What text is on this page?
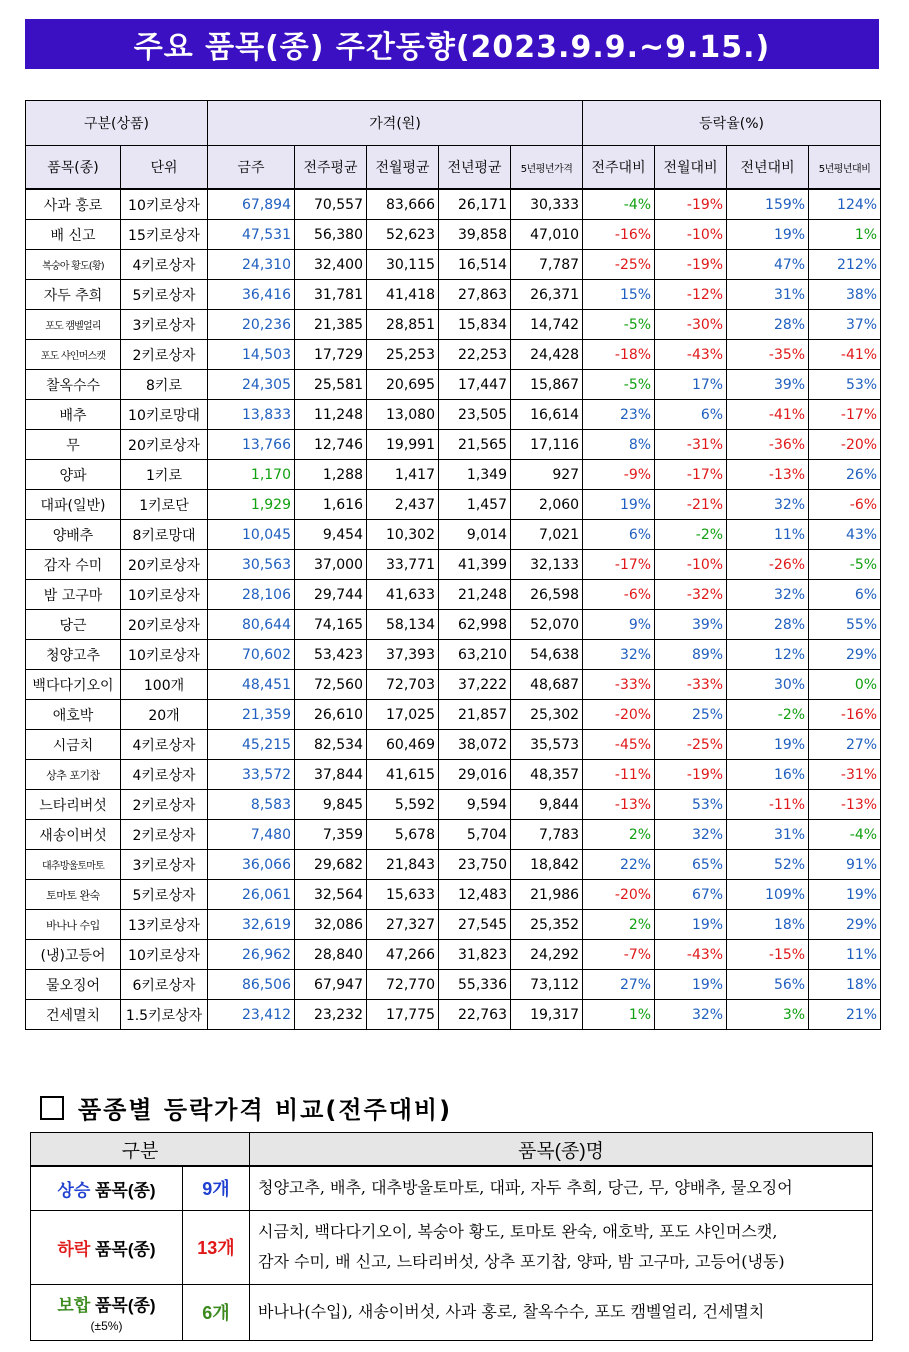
주요 품목(종) 주간동향(2023.9.9.~9.15.)
구분(상품)		가격(원)					등락율(%)			
품목(종)	단위	금주	전주평균	전월평균	전년평균	5년평년가격	전주대비	전월대비	전년대비	5년평년대비
사과 홍로	10키로상자	67,894	70,557	83,666	26,171	30,333	-4%	-19%	159%	124%
배 신고	15키로상자	47,531	56,380	52,623	39,858	47,010	-16%	-10%	19%	1%
복숭아 황도(황)	4키로상자	24,310	32,400	30,115	16,514	7,787	-25%	-19%	47%	212%
자두 추희	5키로상자	36,416	31,781	41,418	27,863	26,371	15%	-12%	31%	38%
포도 캠벨얼리	3키로상자	20,236	21,385	28,851	15,834	14,742	-5%	-30%	28%	37%
포도 샤인머스캣	2키로상자	14,503	17,729	25,253	22,253	24,428	-18%	-43%	-35%	-41%
찰옥수수	8키로	24,305	25,581	20,695	17,447	15,867	-5%	17%	39%	53%
배추	10키로망대	13,833	11,248	13,080	23,505	16,614	23%	6%	-41%	-17%
무	20키로상자	13,766	12,746	19,991	21,565	17,116	8%	-31%	-36%	-20%
양파	1키로	1,170	1,288	1,417	1,349	927	-9%	-17%	-13%	26%
대파(일반)	1키로단	1,929	1,616	2,437	1,457	2,060	19%	-21%	32%	-6%
양배추	8키로망대	10,045	9,454	10,302	9,014	7,021	6%	-2%	11%	43%
감자 수미	20키로상자	30,563	37,000	33,771	41,399	32,133	-17%	-10%	-26%	-5%
밤 고구마	10키로상자	28,106	29,744	41,633	21,248	26,598	-6%	-32%	32%	6%
당근	20키로상자	80,644	74,165	58,134	62,998	52,070	9%	39%	28%	55%
청양고추	10키로상자	70,602	53,423	37,393	63,210	54,638	32%	89%	12%	29%
백다다기오이	100개	48,451	72,560	72,703	37,222	48,687	-33%	-33%	30%	0%
애호박	20개	21,359	26,610	17,025	21,857	25,302	-20%	25%	-2%	-16%
시금치	4키로상자	45,215	82,534	60,469	38,072	35,573	-45%	-25%	19%	27%
상추 포기찹	4키로상자	33,572	37,844	41,615	29,016	48,357	-11%	-19%	16%	-31%
느타리버섯	2키로상자	8,583	9,845	5,592	9,594	9,844	-13%	53%	-11%	-13%
새송이버섯	2키로상자	7,480	7,359	5,678	5,704	7,783	2%	32%	31%	-4%
대추방울토마토	3키로상자	36,066	29,682	21,843	23,750	18,842	22%	65%	52%	91%
토마토 완숙	5키로상자	26,061	32,564	15,633	12,483	21,986	-20%	67%	109%	19%
바나나 수입	13키로상자	32,619	32,086	27,327	27,545	25,352	2%	19%	18%	29%
(냉)고등어	10키로상자	26,962	28,840	47,266	31,823	24,292	-7%	-43%	-15%	11%
물오징어	6키로상자	86,506	67,947	72,770	55,336	73,112	27%	19%	56%	18%
건세멸치	1.5키로상자	23,412	23,232	17,775	22,763	19,317	1%	32%	3%	21%
품종별 등락가격 비교(전주대비)
구분		품목(종)명
상승 품목(종)	9개	청양고추, 배추, 대추방울토마토, 대파, 자두 추희, 당근, 무, 양배추, 물오징어

하락 품목(종)	13개	시금치, 백다다기오이, 복숭아 황도, 토마토 완숙, 애호박, 포도 샤인머스캣,
감자 수미, 배 신고, 느타리버섯, 상추 포기찹, 양파, 밤 고구마, 고등어(냉동)

보합 품목(종)
(±5%)	6개	바나나(수입), 새송이버섯, 사과 홍로, 찰옥수수, 포도 캠벨얼리, 건세멸치
